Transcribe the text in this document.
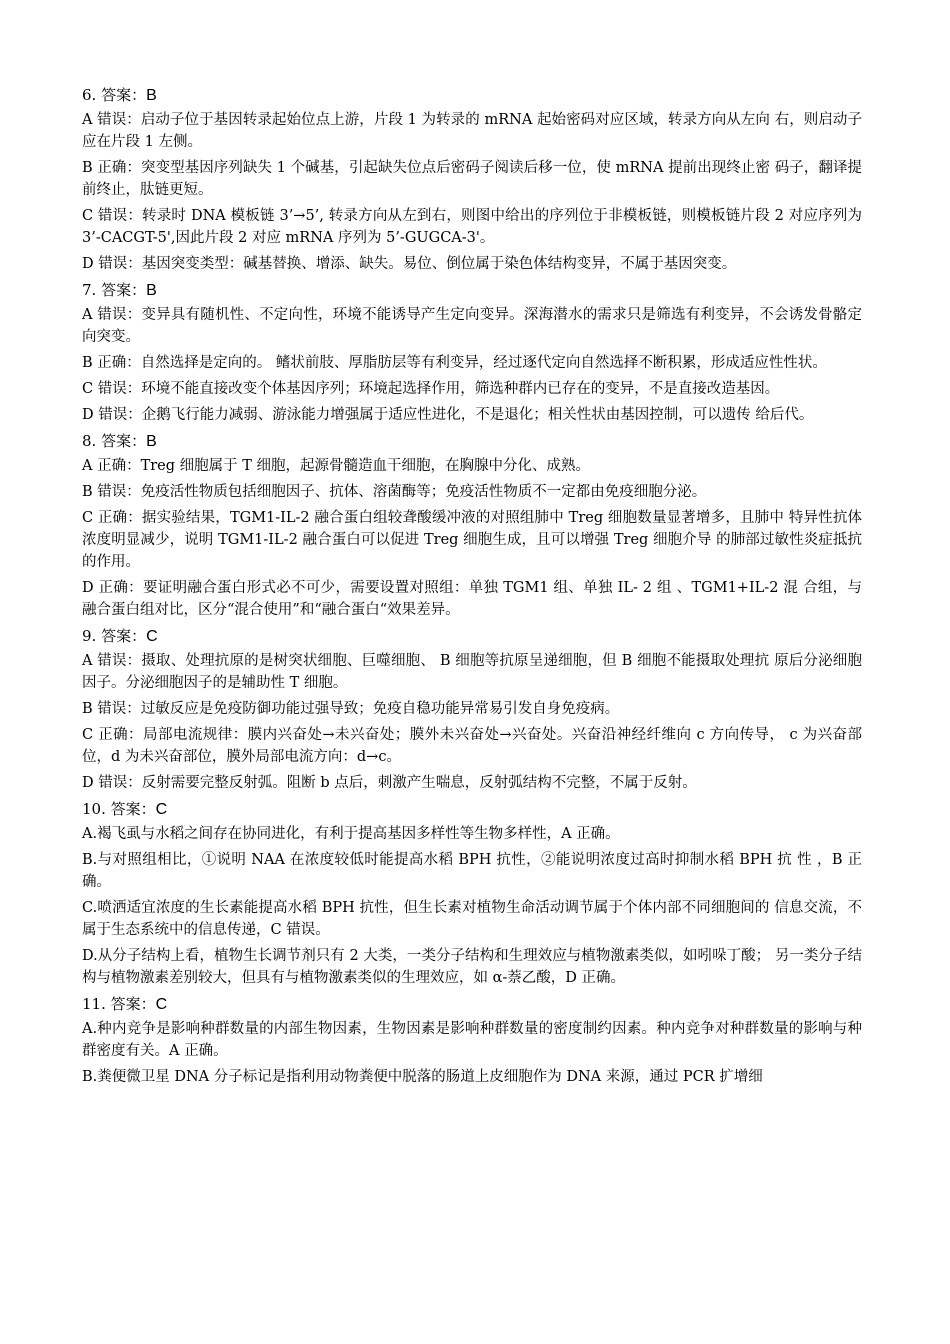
6. 答案：B
A 错误：启动子位于基因转录起始位点上游，片段 1 为转录的 mRNA 起始密码对应区域，转录方向从左向 右，则启动子应在片段 1 左侧。
B 正确：突变型基因序列缺失 1 个碱基，引起缺失位点后密码子阅读后移一位，使 mRNA 提前出现终止密 码子，翻译提前终止，肽链更短。
C 错误：转录时 DNA 模板链 3’→5’, 转录方向从左到右，则图中给出的序列位于非模板链，则模板链片段 2 对应序列为 3’-CACGT-5',因此片段 2 对应 mRNA 序列为 5’-GUGCA-3'。
D 错误：基因突变类型：碱基替换、增添、缺失。易位、倒位属于染色体结构变异，不属于基因突变。
7. 答案：B
A 错误：变异具有随机性、不定向性，环境不能诱导产生定向变异。深海潜水的需求只是筛选有利变异，不会诱发骨骼定向突变。
B 正确：自然选择是定向的。 鳍状前肢、厚脂肪层等有利变异，经过逐代定向自然选择不断积累，形成适应性性状。
C 错误：环境不能直接改变个体基因序列；环境起选择作用，筛选种群内已存在的变异，不是直接改造基因。
D 错误：企鹅飞行能力减弱、游泳能力增强属于适应性进化，不是退化；相关性状由基因控制，可以遗传 给后代。
8. 答案：B
A 正确：Treg 细胞属于 T 细胞，起源骨髓造血干细胞，在胸腺中分化、成熟。
B 错误：免疫活性物质包括细胞因子、抗体、溶菌酶等；免疫活性物质不一定都由免疫细胞分泌。
C 正确：据实验结果，TGM1-IL-2 融合蛋白组较聋酸缓冲液的对照组肺中 Treg 细胞数量显著增多，且肺中 特异性抗体浓度明显减少，说明 TGM1-IL-2 融合蛋白可以促进 Treg 细胞生成，且可以增强 Treg 细胞介导 的肺部过敏性炎症抵抗的作用。
D 正确：要证明融合蛋白形式必不可少，需要设置对照组：单独 TGM1 组、单独 IL- 2 组 、TGM1+IL-2 混 合组，与融合蛋白组对比，区分“混合使用”和“融合蛋白“效果差异。
9. 答案：C
A 错误：摄取、处理抗原的是树突状细胞、巨噬细胞、 B 细胞等抗原呈递细胞，但 B 细胞不能摄取处理抗 原后分泌细胞因子。分泌细胞因子的是辅助性 T 细胞。
B 错误：过敏反应是免疫防御功能过强导致；免疫自稳功能异常易引发自身免疫病。
C 正确：局部电流规律：膜内兴奋处→未兴奋处；膜外未兴奋处→兴奋处。兴奋沿神经纤维向 c 方向传导， c 为兴奋部位，d 为未兴奋部位，膜外局部电流方向：d→c。
D 错误：反射需要完整反射弧。阻断 b 点后，刺激产生喘息，反射弧结构不完整，不属于反射。
10. 答案：C
A.褐飞虱与水稻之间存在协同进化，有利于提高基因多样性等生物多样性，A 正确。
B.与对照组相比，①说明 NAA 在浓度较低时能提高水稻 BPH 抗性，②能说明浓度过高时抑制水稻 BPH 抗 性 ，B 正确。
C.喷洒适宜浓度的生长素能提高水稻 BPH 抗性，但生长素对植物生命活动调节属于个体内部不同细胞间的 信息交流，不属于生态系统中的信息传递，C 错误。
D.从分子结构上看，植物生长调节剂只有 2 大类，一类分子结构和生理效应与植物激素类似，如吲哚丁酸； 另一类分子结构与植物激素差别较大，但具有与植物激素类似的生理效应，如 α-萘乙酸，D 正确。
11. 答案：C
A.种内竞争是影响种群数量的内部生物因素，生物因素是影响种群数量的密度制约因素。种内竞争对种群数量的影响与种群密度有关。A 正确。
B.粪便微卫星 DNA 分子标记是指利用动物粪便中脱落的肠道上皮细胞作为 DNA 来源，通过 PCR 扩增细
